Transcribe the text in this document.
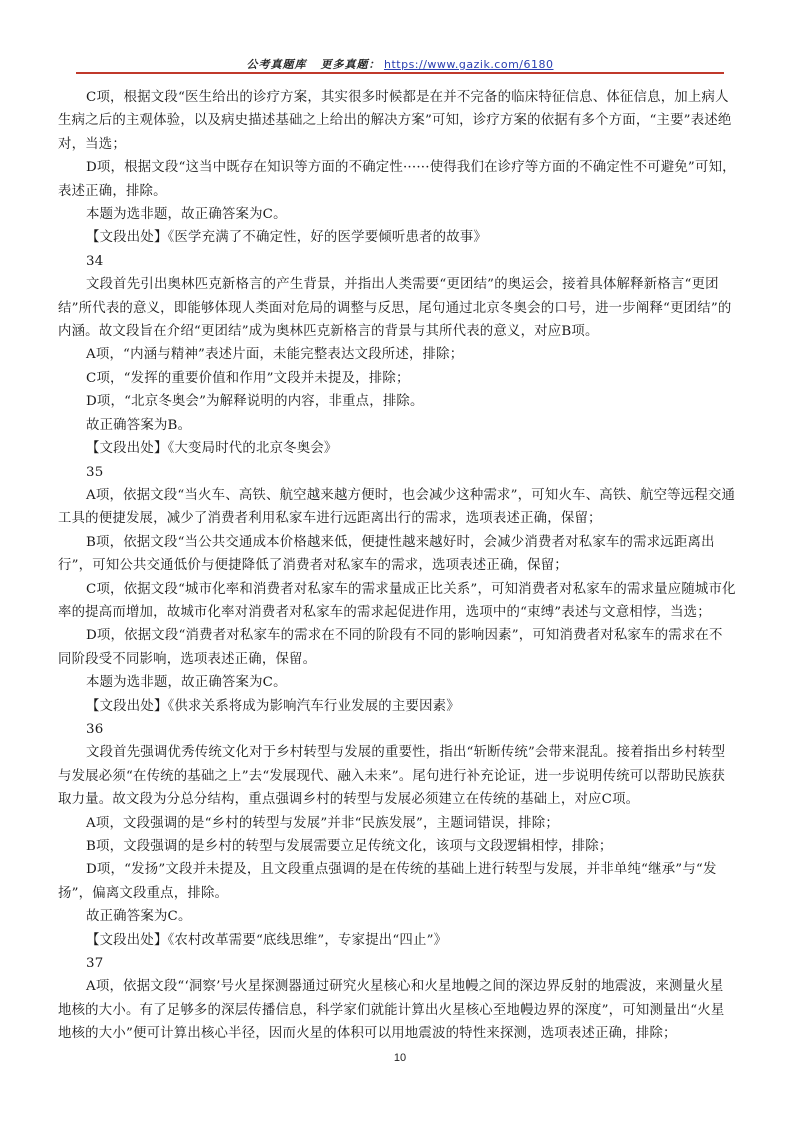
公考真题库 更多真题： https://www.gazik.com/6180

C项，根据文段“医生给出的诊疗方案，其实很多时候都是在并不完备的临床特征信息、体征信息，加上病人生病之后的主观体验，以及病史描述基础之上给出的解决方案”可知，诊疗方案的依据有多个方面，“主要”表述绝对，当选；

D项，根据文段“这当中既存在知识等方面的不确定性······使得我们在诊疗等方面的不确定性不可避免”可知，表述正确，排除。

本题为选非题，故正确答案为C。

【文段出处】《医学充满了不确定性，好的医学要倾听患者的故事》

34

文段首先引出奥林匹克新格言的产生背景，并指出人类需要“更团结”的奥运会，接着具体解释新格言“更团结”所代表的意义，即能够体现人类面对危局的调整与反思，尾句通过北京冬奥会的口号，进一步阐释“更团结”的内涵。故文段旨在介绍“更团结”成为奥林匹克新格言的背景与其所代表的意义，对应B项。

A项，“内涵与精神”表述片面，未能完整表达文段所述，排除；

C项，“发挥的重要价值和作用”文段并未提及，排除；

D项，“北京冬奥会”为解释说明的内容，非重点，排除。

故正确答案为B。

【文段出处】《大变局时代的北京冬奥会》

35

A项，依据文段“当火车、高铁、航空越来越方便时，也会减少这种需求”，可知火车、高铁、航空等远程交通工具的便捷发展，减少了消费者利用私家车进行远距离出行的需求，选项表述正确，保留；

B项，依据文段“当公共交通成本价格越来低，便捷性越来越好时，会减少消费者对私家车的需求远距离出行”，可知公共交通低价与便捷降低了消费者对私家车的需求，选项表述正确，保留；

C项，依据文段“城市化率和消费者对私家车的需求量成正比关系”，可知消费者对私家车的需求量应随城市化率的提高而增加，故城市化率对消费者对私家车的需求起促进作用，选项中的“束缚”表述与文意相悖，当选；

D项，依据文段“消费者对私家车的需求在不同的阶段有不同的影响因素”，可知消费者对私家车的需求在不同阶段受不同影响，选项表述正确，保留。

本题为选非题，故正确答案为C。

【文段出处】《供求关系将成为影响汽车行业发展的主要因素》

36

文段首先强调优秀传统文化对于乡村转型与发展的重要性，指出“斩断传统”会带来混乱。接着指出乡村转型与发展必须“在传统的基础之上”去“发展现代、融入未来”。尾句进行补充论证，进一步说明传统可以帮助民族获取力量。故文段为分总分结构，重点强调乡村的转型与发展必须建立在传统的基础上，对应C项。

A项，文段强调的是“乡村的转型与发展”并非“民族发展”，主题词错误，排除；

B项，文段强调的是乡村的转型与发展需要立足传统文化，该项与文段逻辑相悖，排除；

D项，“发扬”文段并未提及，且文段重点强调的是在传统的基础上进行转型与发展，并非单纯“继承”与“发扬”，偏离文段重点，排除。

故正确答案为C。

【文段出处】《农村改革需要“底线思维”，专家提出“四止”》

37

A项，依据文段“‘洞察’号火星探测器通过研究火星核心和火星地幔之间的深边界反射的地震波，来测量火星地核的大小。有了足够多的深层传播信息，科学家们就能计算出火星核心至地幔边界的深度”，可知测量出“火星地核的大小”便可计算出核心半径，因而火星的体积可以用地震波的特性来探测，选项表述正确，排除；

10
